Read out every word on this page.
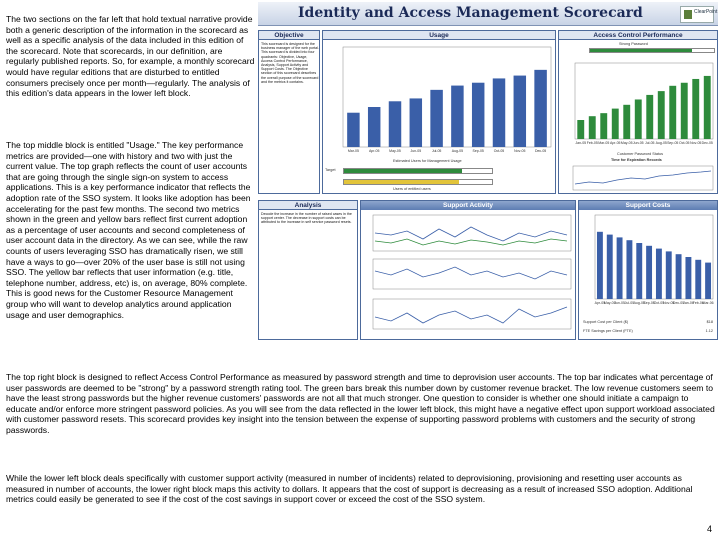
The two sections on the far left that hold textual narrative provide both a generic description of the information in the scorecard as well as a specific analysis of the data included in this edition of the scorecard. Note that scorecards, in our definition, are regularly published reports. So, for example, a monthly scorecard would have regular editions that are disturbed to entitled consumers precisely once per month—regularly. The analysis of this edition's data appears in the lower left block.
The top middle block is entitled "Usage." The key performance metrics are provided—one with history and two with just the current value. The top graph reflects the count of user accounts that are going through the single sign-on system to access applications. This is a key performance indicator that reflects the adoption rate of the SSO system. It looks like adoption has been accelerating for the past few months. The second two metrics shown in the green and yellow bars reflect first current adoption as a percentage of user accounts and second completeness of user account data in the directory. As we can see, while the raw counts of users leveraging SSO has dramatically risen, we still have a ways to go—over 20% of the user base is still not using SSO. The yellow bar reflects that user information (e.g. title, telephone number, address, etc) is, on average, 80% complete. This is good news for the Customer Resource Management group who will want to develop analytics around application usage and user demographics.
The top right block is designed to reflect Access Control Performance as measured by password strength and time to deprovision user accounts. The top bar indicates what percentage of user passwords are deemed to be "strong" by a password strength rating tool. The green bars break this number down by customer revenue bracket. The low revenue customers seem to have the least strong passwords but the higher revenue customers' passwords are not all that much stronger. One question to consider is whether one should initiate a campaign to educate and/or enforce more stringent password policies. As you will see from the data reflected in the lower left block, this might have a negative effect upon support workload associated with customer password resets. This scorecard provides key insight into the tension between the expense of supporting password problems with customers and the security of strong passwords.
While the lower left block deals specifically with customer support activity (measured in number of incidents) related to deprovisioning, provisioning and resetting user accounts as measured in number of accounts, the lower right block maps this activity to dollars. It appears that the cost of support is decreasing as a result of increased SSO adoption. Additional metrics could easily be generated to see if the cost of the cost savings in support cover or exceed the cost of the SSO system.
4
Identity and Access Management Scorecard	ClearPoint
Objective
This scorecard is designed for the business manager of the web portal. This scorecard is divided into four quadrants: Objective, Usage, Access Control Performance, Analysis, Support Activity and Support Costs. The Objective section of this scorecard describes the overall purpose of the scorecard and the metrics it contains.
Usage
Mar-05	Apr-05	May-05	Jun-05	Jul-05	Aug-05	Sep-05	Oct-05	Nov-05	Dec-05
Estimated Users for Management Usage
Target
Users of entitled users
Access Control Performance
Strong Password
Jan-05 Feb-05 Mar-05 Apr-05 May-05 Jun-05 Jul-05 Aug-05 Sep-05 Oct-05 Nov-05 Dec-05
Customer Password Status
Time for Expiration Records
Analysis
Decode the increase in the number of raised cases in the support center. The decrease in support costs can be attributed to the increase in self service password resets.
Support Activity	Support Costs
Apr-05
May-05
Jun-05 Jul-05 Aug-05
Sep-05
Oct-05
Nov-05
Dec-05
Jan-06
Feb-06
Mar-06
Support Cost per Client ($)	$18
FTE Savings per Client (FTE)	1.12
